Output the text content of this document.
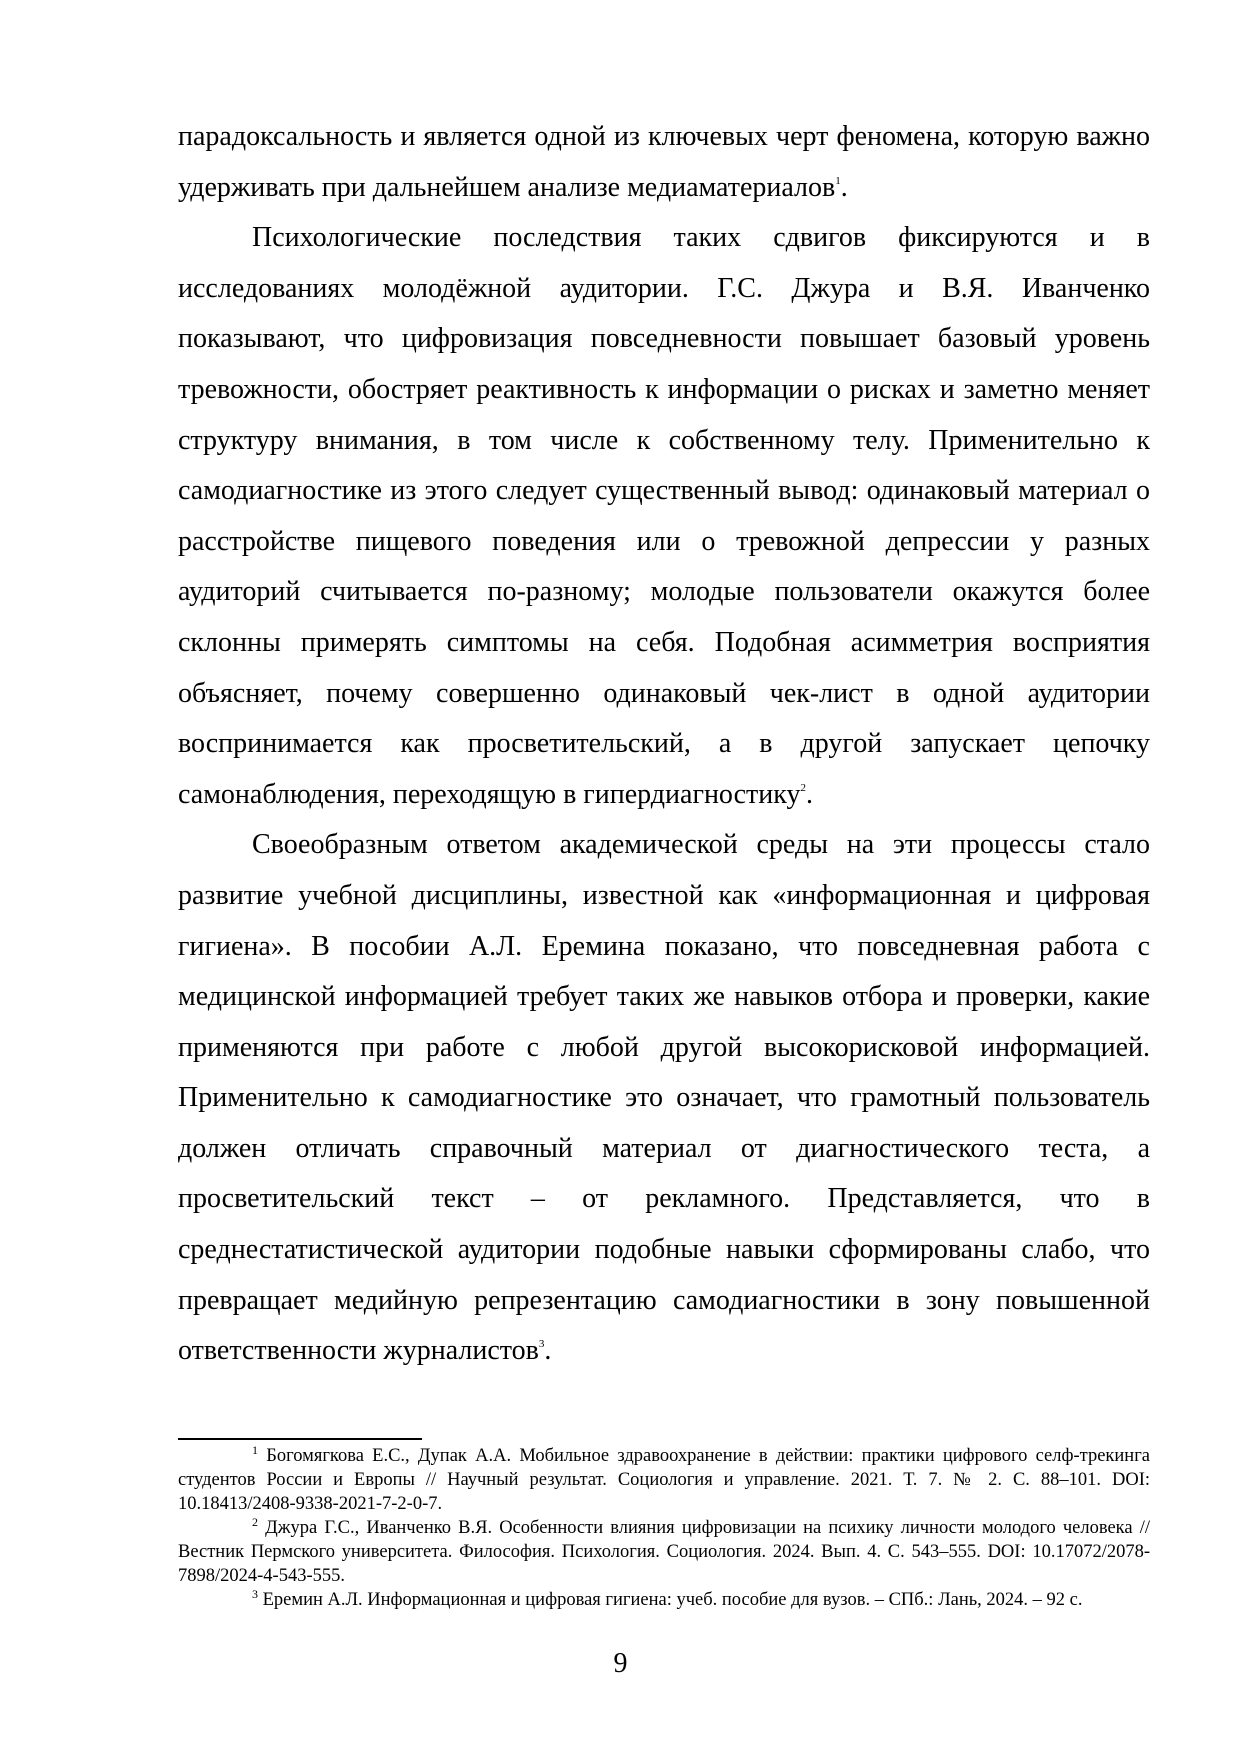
парадоксальность и является одной из ключевых черт феномена, которую важно удерживать при дальнейшем анализе медиаматериалов$^1$.

Психологические последствия таких сдвигов фиксируются и в исследованиях молодёжной аудитории. Г.С. Джура и В.Я. Иванченко показывают, что цифровизация повседневности повышает базовый уровень тревожности, обостряет реактивность к информации о рисках и заметно меняет структуру внимания, в том числе к собственному телу. Применительно к самодиагностике из этого следует существенный вывод: одинаковый материал о расстройстве пищевого поведения или о тревожной депрессии у разных аудиторий считывается по-разному; молодые пользователи окажутся более склонны примерять симптомы на себя. Подобная асимметрия восприятия объясняет, почему совершенно одинаковый чек-лист в одной аудитории воспринимается как просветительский, а в другой запускает цепочку самонаблюдения, переходящую в гипердиагностику$^2$.

Своеобразным ответом академической среды на эти процессы стало развитие учебной дисциплины, известной как «информационная и цифровая гигиена». В пособии А.Л. Еремина показано, что повседневная работа с медицинской информацией требует таких же навыков отбора и проверки, какие применяются при работе с любой другой высокорисковой информацией. Применительно к самодиагностике это означает, что грамотный пользователь должен отличать справочный материал от диагностического теста, а просветительский текст – от рекламного. Представляется, что в среднестатистической аудитории подобные навыки сформированы слабо, что превращает медийную репрезентацию самодиагностики в зону повышенной ответственности журналистов$^3$.

$^1$ Богомягкова Е.С., Дупак А.А. Мобильное здравоохранение в действии: практики цифрового селф-трекинга студентов России и Европы // Научный результат. Социология и управление. 2021. Т. 7. № 2. С. 88–101. DOI: 10.18413/2408-9338-2021-7-2-0-7.

$^2$ Джура Г.С., Иванченко В.Я. Особенности влияния цифровизации на психику личности молодого человека // Вестник Пермского университета. Философия. Психология. Социология. 2024. Вып. 4. С. 543–555. DOI: 10.17072/2078-7898/2024-4-543-555.

$^3$ Еремин А.Л. Информационная и цифровая гигиена: учеб. пособие для вузов. – СПб.: Лань, 2024. – 92 с.

9
